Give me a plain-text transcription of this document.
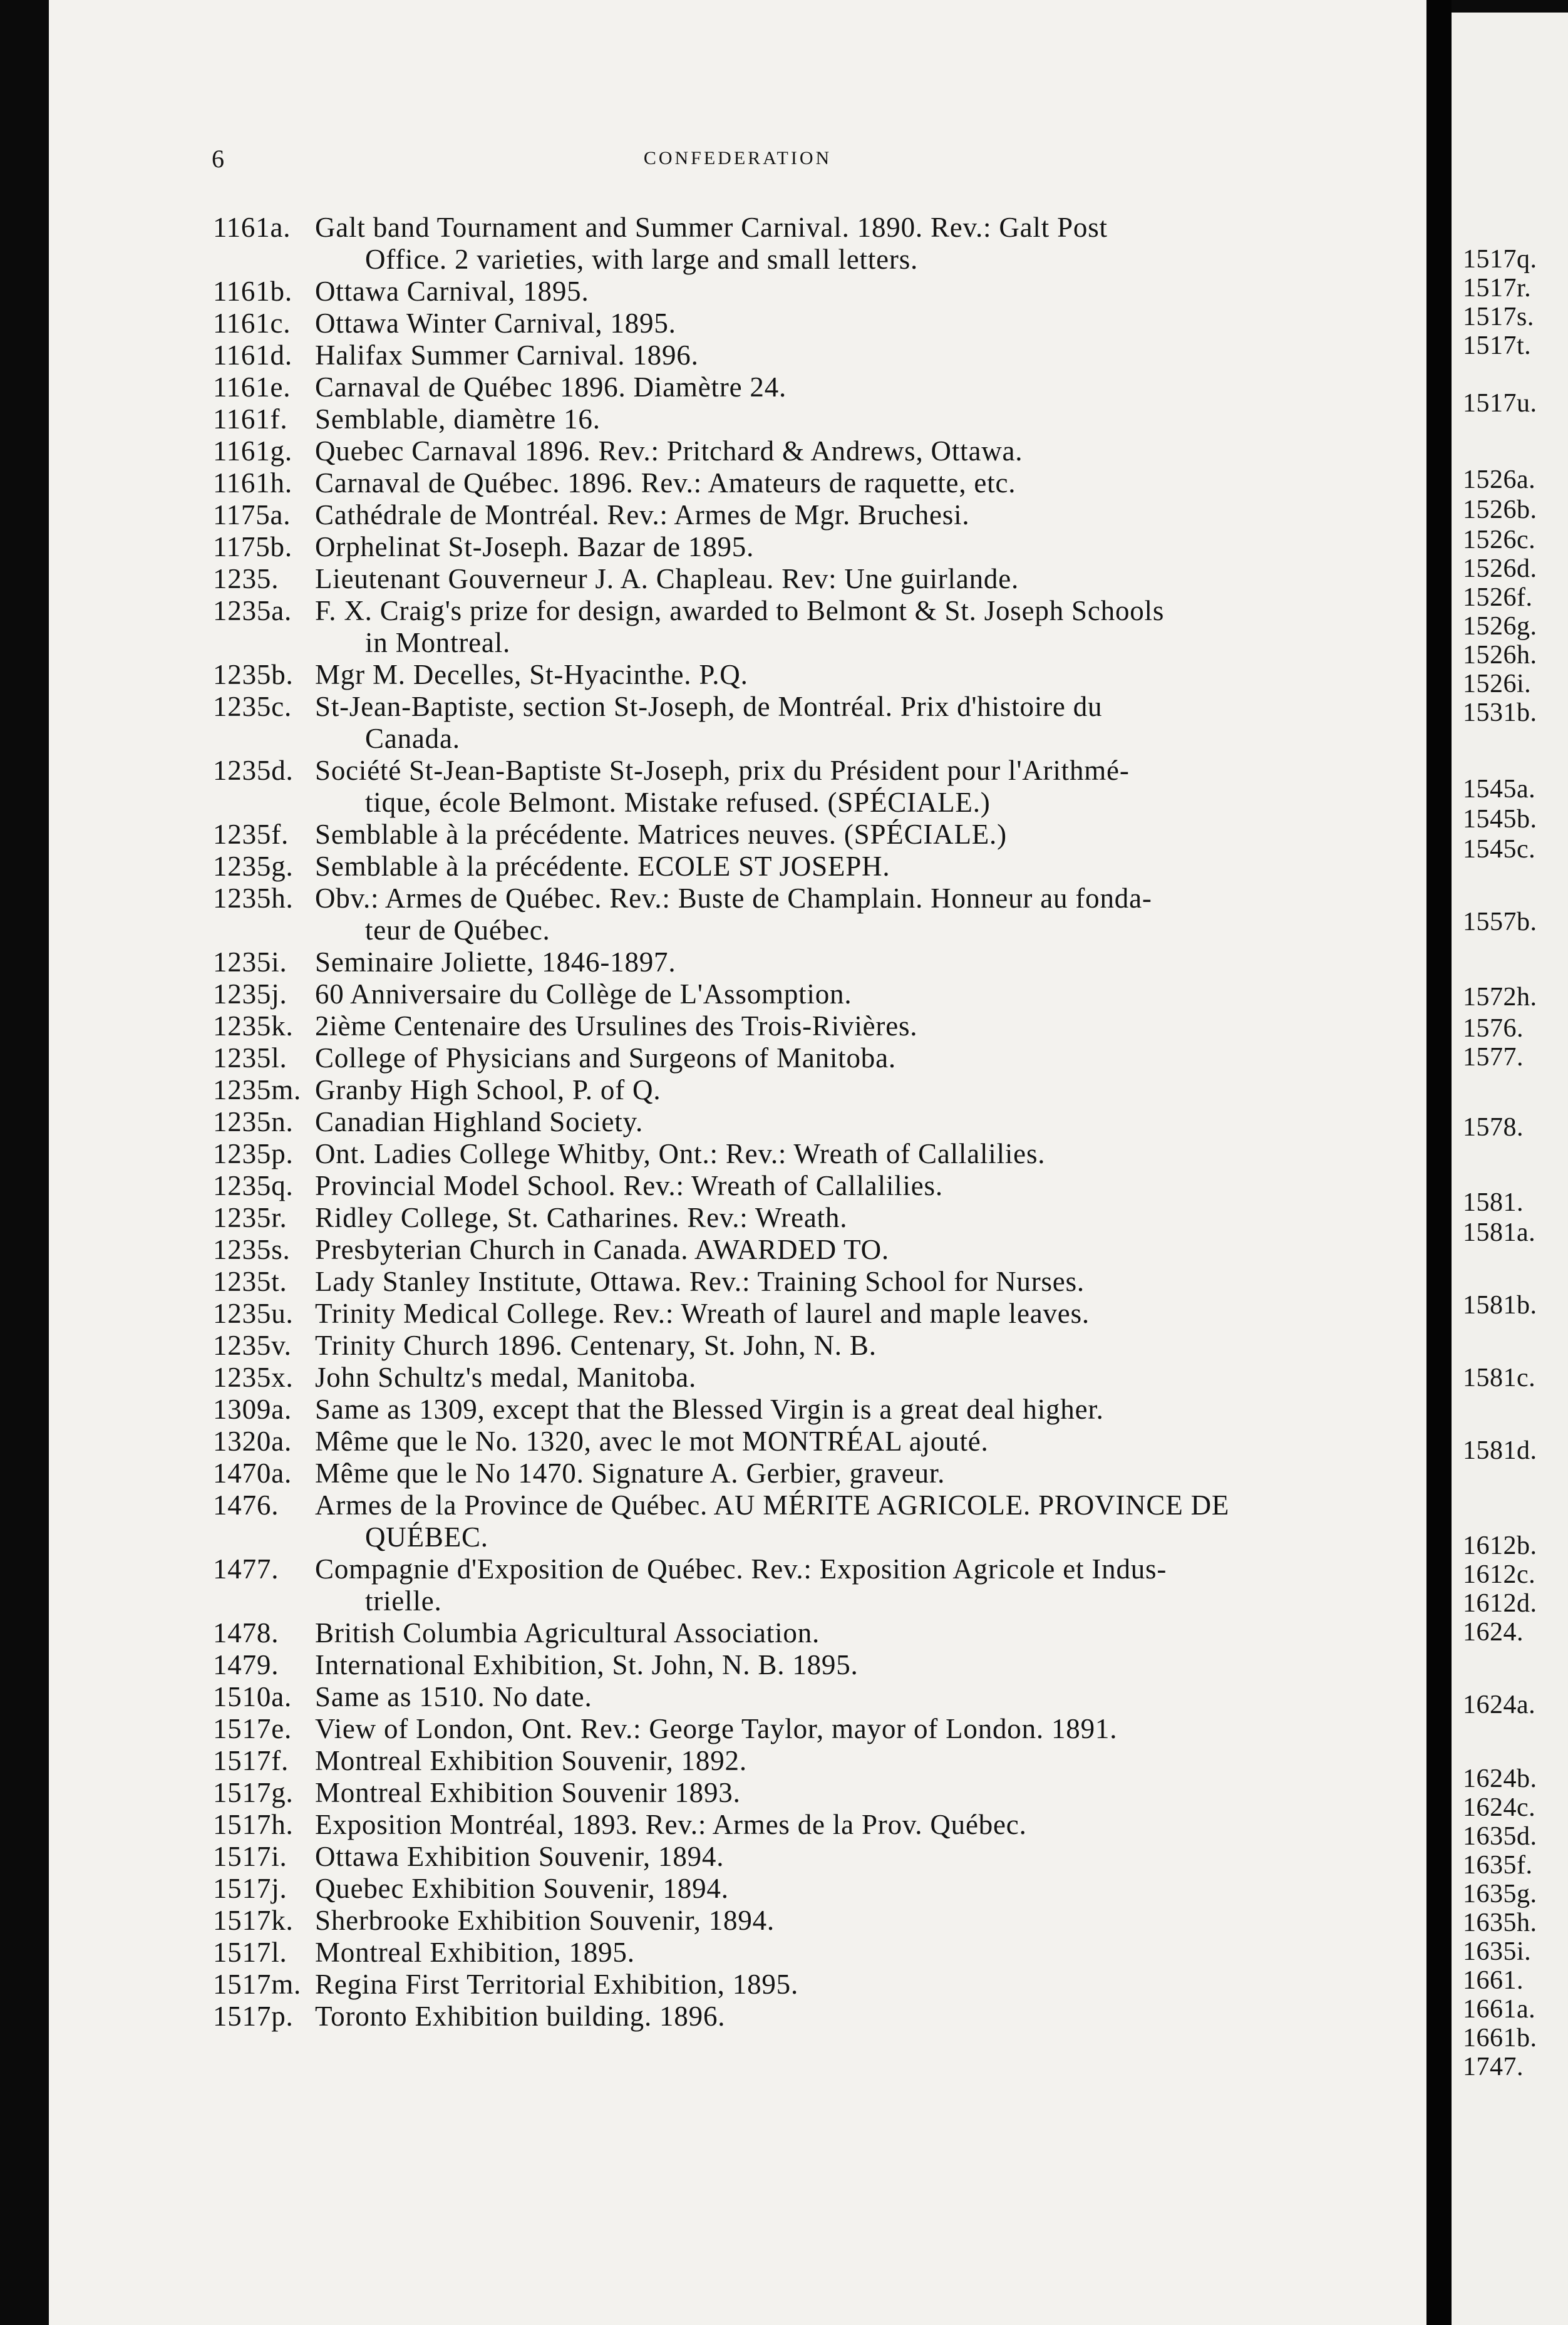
6	CONFEDERATION
1161a. Galt band Tournament and Summer Carnival. 1890. Rev.: Galt Post
Office. 2 varieties, with large and small letters.
1161b. Ottawa Carnival, 1895.
1161c. Ottawa Winter Carnival, 1895.
1161d. Halifax Summer Carnival. 1896.
1161e. Carnaval de Québec 1896. Diamètre 24.
1161f. Semblable, diamètre 16.
1161g. Quebec Carnaval 1896. Rev.: Pritchard & Andrews, Ottawa.
1161h. Carnaval de Québec. 1896. Rev.: Amateurs de raquette, etc.
1175a. Cathédrale de Montréal. Rev.: Armes de Mgr. Bruchesi.
1175b. Orphelinat St-Joseph. Bazar de 1895.
1235. Lieutenant Gouverneur J. A. Chapleau. Rev: Une guirlande.
1235a. F. X. Craig's prize for design, awarded to Belmont & St. Joseph Schools
in Montreal.
1235b. Mgr M. Decelles, St-Hyacinthe. P.Q.
1235c. St-Jean-Baptiste, section St-Joseph, de Montréal. Prix d'histoire du
Canada.
1235d. Société St-Jean-Baptiste St-Joseph, prix du Président pour l'Arithmé-
tique, école Belmont. Mistake refused. (SPÉCIALE.)
1235f. Semblable à la précédente. Matrices neuves. (SPÉCIALE.)
1235g. Semblable à la précédente. ECOLE ST JOSEPH.
1235h. Obv.: Armes de Québec. Rev.: Buste de Champlain. Honneur au fonda-
teur de Québec.
1235i. Seminaire Joliette, 1846-1897.
1235j. 60 Anniversaire du Collège de L'Assomption.
1235k. 2ième Centenaire des Ursulines des Trois-Rivières.
1235l. College of Physicians and Surgeons of Manitoba.
1235m. Granby High School, P. of Q.
1235n. Canadian Highland Society.
1235p. Ont. Ladies College Whitby, Ont.: Rev.: Wreath of Callalilies.
1235q. Provincial Model School. Rev.: Wreath of Callalilies.
1235r. Ridley College, St. Catharines. Rev.: Wreath.
1235s. Presbyterian Church in Canada. AWARDED TO.
1235t. Lady Stanley Institute, Ottawa. Rev.: Training School for Nurses.
1235u. Trinity Medical College. Rev.: Wreath of laurel and maple leaves.
1235v. Trinity Church 1896. Centenary, St. John, N. B.
1235x. John Schultz's medal, Manitoba.
1309a. Same as 1309, except that the Blessed Virgin is a great deal higher.
1320a. Même que le No. 1320, avec le mot MONTRÉAL ajouté.
1470a. Même que le No 1470. Signature A. Gerbier, graveur.
1476. Armes de la Province de Québec. AU MÉRITE AGRICOLE. PROVINCE DE
QUÉBEC.
1477. Compagnie d'Exposition de Québec. Rev.: Exposition Agricole et Indus-
trielle.
1478. British Columbia Agricultural Association.
1479. International Exhibition, St. John, N. B. 1895.
1510a. Same as 1510. No date.
1517e. View of London, Ont. Rev.: George Taylor, mayor of London. 1891.
1517f. Montreal Exhibition Souvenir, 1892.
1517g. Montreal Exhibition Souvenir 1893.
1517h. Exposition Montréal, 1893. Rev.: Armes de la Prov. Québec.
1517i. Ottawa Exhibition Souvenir, 1894.
1517j. Quebec Exhibition Souvenir, 1894.
1517k. Sherbrooke Exhibition Souvenir, 1894.
1517l. Montreal Exhibition, 1895.
1517m. Regina First Territorial Exhibition, 1895.
1517p. Toronto Exhibition building. 1896.
1517q.
1517r.
1517s.
1517t.
1517u.
1526a.
1526b.
1526c.
1526d.
1526f.
1526g.
1526h.
1526i.
1531b.
1545a.
1545b.
1545c.
1557b.
1572h.
1576.
1577.
1578.
1581.
1581a.
1581b.
1581c.
1581d.
1612b.
1612c.
1612d.
1624.
1624a.
1624b.
1624c.
1635d.
1635f.
1635g.
1635h.
1635i.
1661.
1661a.
1661b.
1747.
